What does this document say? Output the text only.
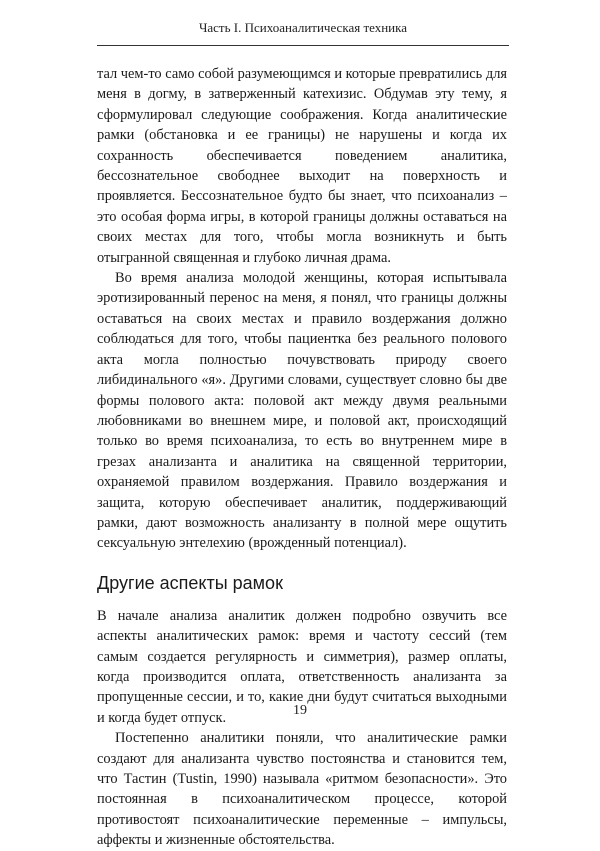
Часть I. Психоаналитическая техника

тал чем-то само собой разумеющимся и которые превратились для меня в догму, в затверженный катехизис. Обдумав эту тему, я сформулировал следующие соображения. Когда аналитические рамки (обстановка и ее границы) не нарушены и когда их сохранность обеспечивается поведением аналитика, бессознательное свободнее выходит на поверхность и проявляется. Бессознательное будто бы знает, что психоанализ – это особая форма игры, в которой границы должны оставаться на своих местах для того, чтобы могла возникнуть и быть отыгранной священная и глубоко личная драма.

Во время анализа молодой женщины, которая испытывала эротизированный перенос на меня, я понял, что границы должны оставаться на своих местах и правило воздержания должно соблюдаться для того, чтобы пациентка без реального полового акта могла полностью почувствовать природу своего либидинального «я». Другими словами, существует словно бы две формы полового акта: половой акт между двумя реальными любовниками во внешнем мире, и половой акт, происходящий только во время психоанализа, то есть во внутреннем мире в грезах анализанта и аналитика на священной территории, охраняемой правилом воздержания. Правило воздержания и защита, которую обеспечивает аналитик, поддерживающий рамки, дают возможность анализанту в полной мере ощутить сексуальную энтелехию (врожденный потенциал).

Другие аспекты рамок

В начале анализа аналитик должен подробно озвучить все аспекты аналитических рамок: время и частоту сессий (тем самым создается регулярность и симметрия), размер оплаты, когда производится оплата, ответственность анализанта за пропущенные сессии, и то, какие дни будут считаться выходными и когда будет отпуск.

Постепенно аналитики поняли, что аналитические рамки создают для анализанта чувство постоянства и становится тем, что Тастин (Tustin, 1990) называла «ритмом безопасности». Это постоянная в психоаналитическом процессе, которой противостоят психоаналитические переменные – импульсы, аффекты и жизненные обстоятельства.

19
